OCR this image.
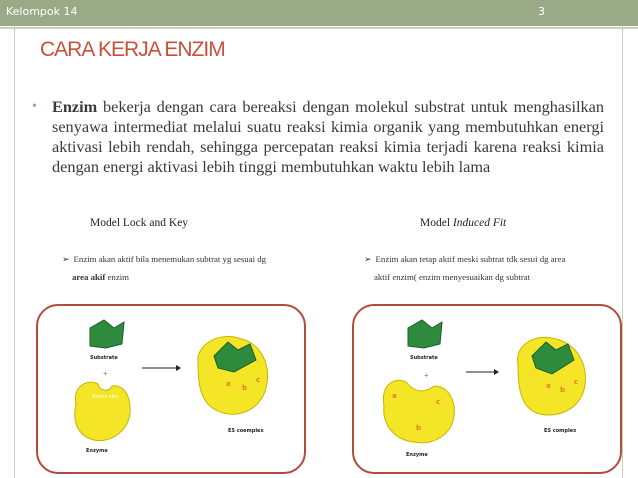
Kelompok 14	3
CARA KERJA ENZIM
• Enzim bekerja dengan cara bereaksi dengan molekul substrat untuk menghasilkan senyawa intermediat melalui suatu reaksi kimia organik yang membutuhkan energi aktivasi lebih rendah, sehingga percepatan reaksi kimia terjadi karena reaksi kimia dengan energi aktivasi lebih tinggi membutuhkan waktu lebih lama
Model Lock and Key	Model Induced Fit
➢ Enzim akan aktif bila menemukan subtrat yg sesuai dg
area akif enzim
➢ Enzim akan tetap aktif meski subtrat tdk sesui dg area
aktif enzim( enzim menyesuaikan dg subtrat
Substrate
+
Active site
Enzyme
a b
c
ES coemplex
Substrate
+
a
b
c
Enzyme
a b
c
ES complex
